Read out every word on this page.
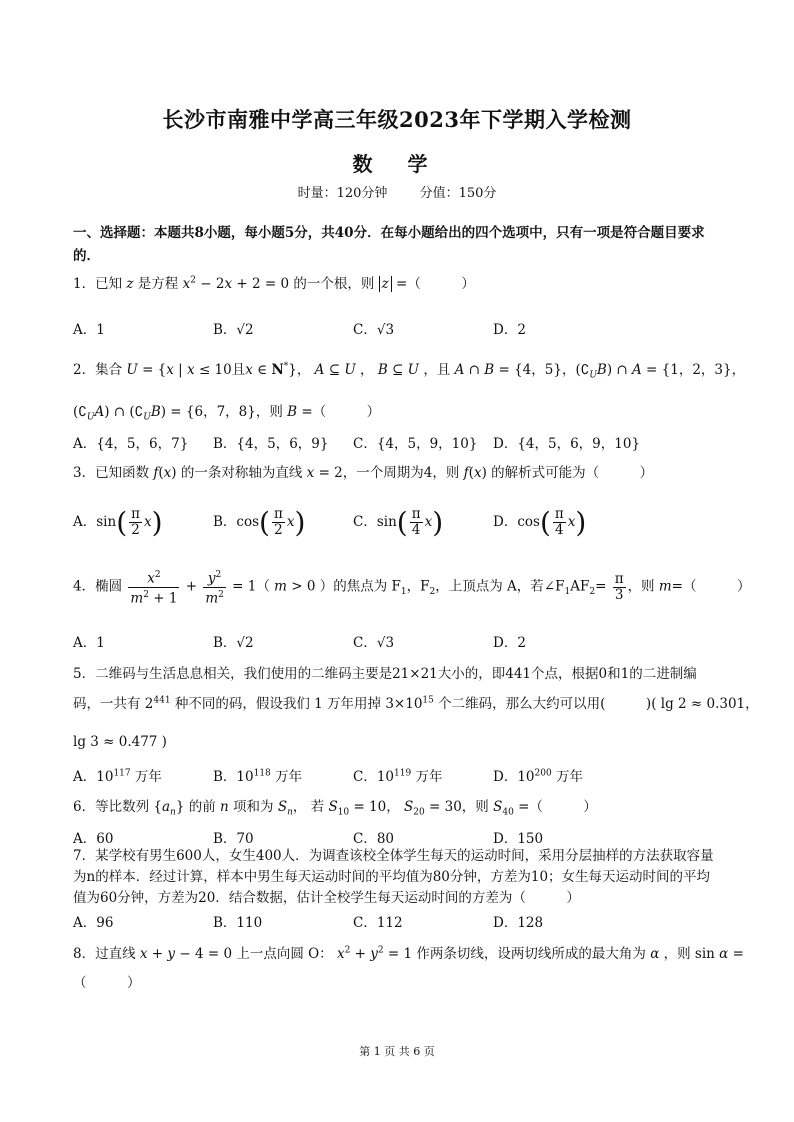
长沙市南雅中学高三年级2023年下学期入学检测
数 学
时量：120分钟 分值：150分
一、选择题：本题共8小题，每小题5分，共40分．在每小题给出的四个选项中，只有一项是符合题目要求的．
1．已知 z 是方程 $x^2 - 2x + 2 = 0$ 的一个根，则 z =（　　　）
A．1	B．√2	C．√3	D．2
2．集合 U = {x | x ≤ 10且x ∈ N*}， A ⊆ U ， B ⊆ U ，且 A ∩ B = {4，5}，$(∁_UB)$ ∩ A = {1，2，3}，
$(∁_UA)$ ∩ $(∁_UB) = \{6$，7，8}，则 B =（　　　）
A．{4，5，6，7} B．{4，5，6，9} C．{4，5，9，10} D．{4，5，6，9，10}
3．已知函数 f(x) 的一条对称轴为直线 x = 2，一个周期为4，则 f(x) 的解析式可能为（　　　）
A．$\sin( \frac{\pi}{2} x)$	B．$\cos( \frac{\pi}{2} x)$	C．$\sin( \frac{\pi}{4} x)$	D．$\cos( \frac{\pi}{4} x)$
4．椭圆 $\frac{x^2}{m^2 + 1} + \frac{y^2}{m^2} = 1$（ m > 0 ）的焦点为 $F_1$，$F_2$，上顶点为 A，若$\angle F_1AF_2= \frac{\pi}{3}$ ，则 m=（　　　）
A．1	B．√2	C．√3	D．2
5．二维码与生活息息相关，我们使用的二维码主要是21×21大小的，即441个点，根据0和1的二进制编
码，一共有 $2^{441}$ 种不同的码，假设我们 1 万年用掉 $3\times 10^{15}$ 个二维码，那么大约可以用(　　　)( lg 2 ≈ 0.301，
lg 3 ≈ 0.477 )
A．$10^{117}$ 万年	B．$10^{118}$ 万年	C．$10^{119}$ 万年	D．$10^{200}$ 万年
6．等比数列 $\{a_n\}$ 的前 n 项和为 $S_n$， 若 $S_{10} = 10$， $S_{20} = 30$，则 $S_{40}$ =（　　　）
A．60	B．70	C．80	D．150
7．某学校有男生600人，女生400人．为调查该校全体学生每天的运动时间，采用分层抽样的方法获取容量为n的样本．经过计算，样本中男生每天运动时间的平均值为80分钟，方差为10；女生每天运动时间的平均值为60分钟，方差为20．结合数据，估计全校学生每天运动时间的方差为（　　　）
A．96	B．110	C．112	D．128
8．过直线 x + y − 4 = 0 上一点向圆 O： $x^2 + y^2 = 1$ 作两条切线，设两切线所成的最大角为 α ，则 sin α =
（　　　）
第 1 页 共 6 页
